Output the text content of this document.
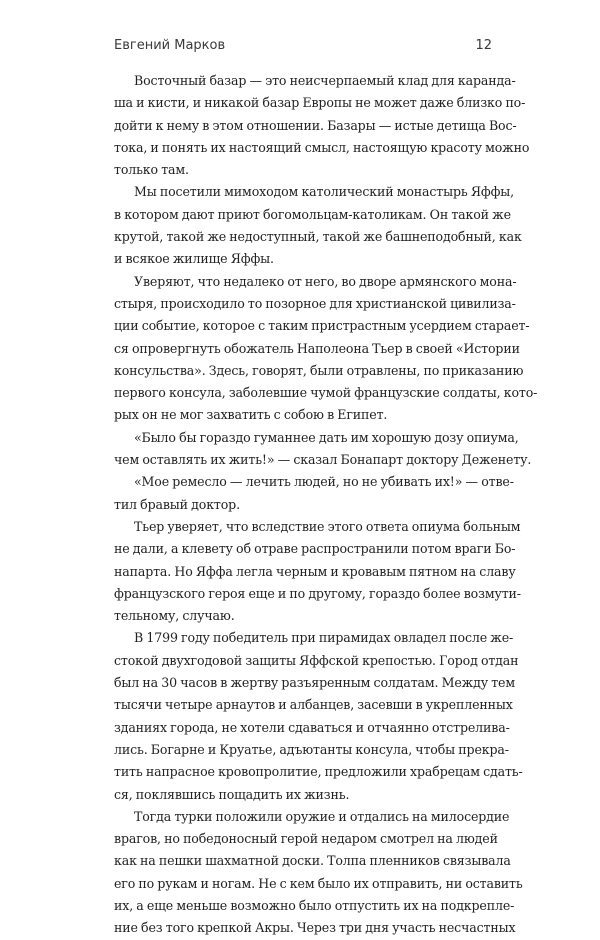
Евгений Марков	12
Восточный базар — это неисчерпаемый клад для каранда-
ша и кисти, и никакой базар Европы не может даже близко по-
дойти к нему в этом отношении. Базары — истые детища Вос-
тока, и понять их настоящий смысл, настоящую красоту можно
только там.
Мы посетили мимоходом католический монастырь Яффы,
в котором дают приют богомольцам-католикам. Он такой же
крутой, такой же недоступный, такой же башнеподобный, как
и всякое жилище Яффы.
Уверяют, что недалеко от него, во дворе армянского мона-
стыря, происходило то позорное для христианской цивилиза-
ции событие, которое с таким пристрастным усердием старает-
ся опровергнуть обожатель Наполеона Тьер в своей «Истории
консульства». Здесь, говорят, были отравлены, по приказанию
первого консула, заболевшие чумой французские солдаты, кото-
рых он не мог захватить с собою в Египет.
«Было бы гораздо гуманнее дать им хорошую дозу опиума,
чем оставлять их жить!» — сказал Бонапарт доктору Деженету.
«Мое ремесло — лечить людей, но не убивать их!» — отве-
тил бравый доктор.
Тьер уверяет, что вследствие этого ответа опиума больным
не дали, а клевету об отраве распространили потом враги Бо-
напарта. Но Яффа легла черным и кровавым пятном на славу
французского героя еще и по другому, гораздо более возмути-
тельному, случаю.
В 1799 году победитель при пирамидах овладел после же-
стокой двухгодовой защиты Яффской крепостью. Город отдан
был на 30 часов в жертву разъяренным солдатам. Между тем
тысячи четыре арнаутов и албанцев, засевши в укрепленных
зданиях города, не хотели сдаваться и отчаянно отстрелива-
лись. Богарне и Круатье, адъютанты консула, чтобы прекра-
тить напрасное кровопролитие, предложили храбрецам сдать-
ся, поклявшись пощадить их жизнь.
Тогда турки положили оружие и отдались на милосердие
врагов, но победоносный герой недаром смотрел на людей
как на пешки шахматной доски. Толпа пленников связывала
его по рукам и ногам. Не с кем было их отправить, ни оставить
их, а еще меньше возможно было отпустить их на подкрепле-
ние без того крепкой Акры. Через три дня участь несчастных
